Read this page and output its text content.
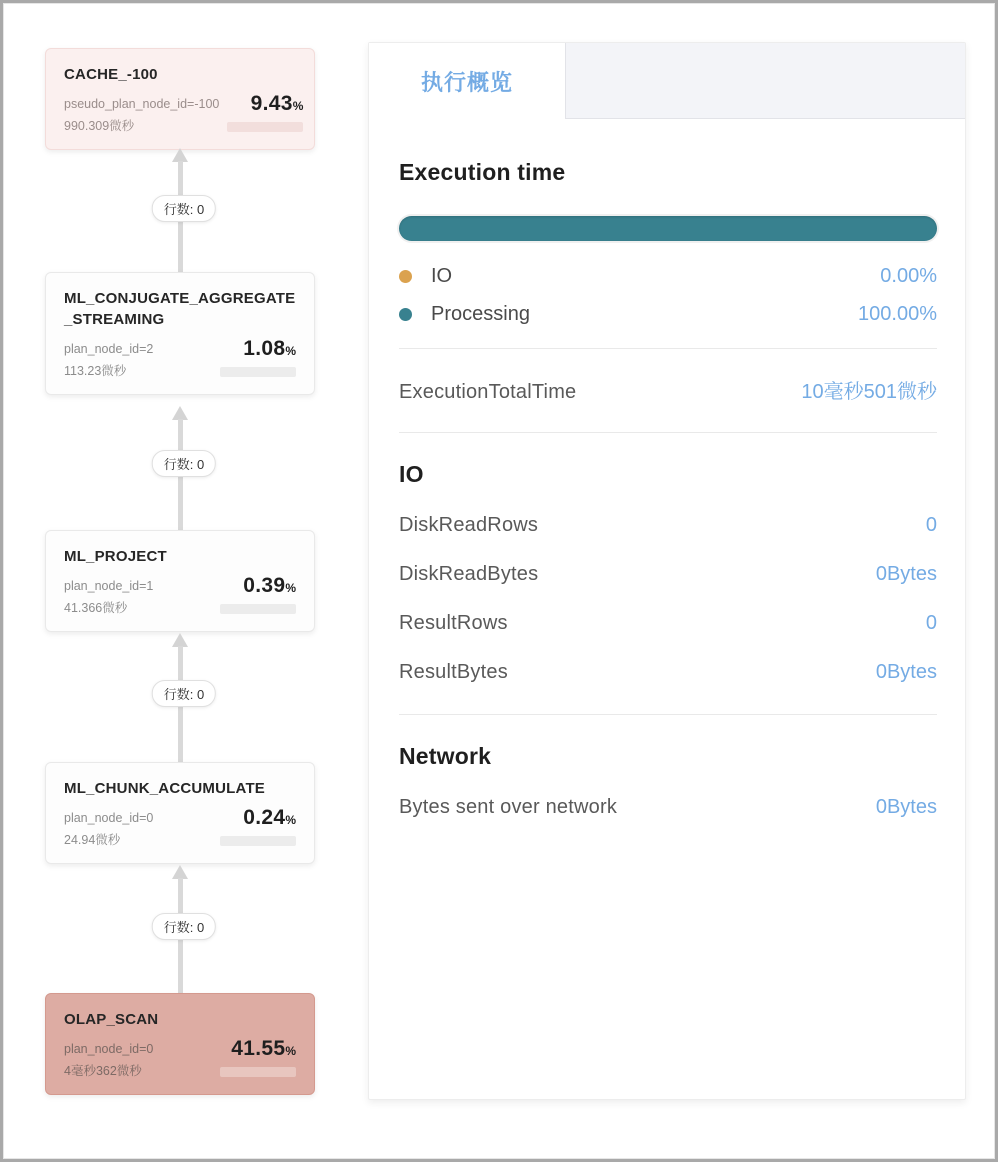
CACHE_-100
pseudo_plan_node_id=-100	9.43%
990.309微秒
行数: 0
ML_CONJUGATE_AGGREGATE_STREAMING
plan_node_id=2	1.08%
113.23微秒
行数: 0
ML_PROJECT
plan_node_id=1	0.39%
41.366微秒
行数: 0
ML_CHUNK_ACCUMULATE
plan_node_id=0	0.24%
24.94微秒
行数: 0
OLAP_SCAN
plan_node_id=0	41.55%
4毫秒362微秒
执行概览
Execution time
IO	0.00%
Processing	100.00%
ExecutionTotalTime	10毫秒501微秒
IO
DiskReadRows	0
DiskReadBytes	0Bytes
ResultRows	0
ResultBytes	0Bytes
Network
Bytes sent over network	0Bytes
